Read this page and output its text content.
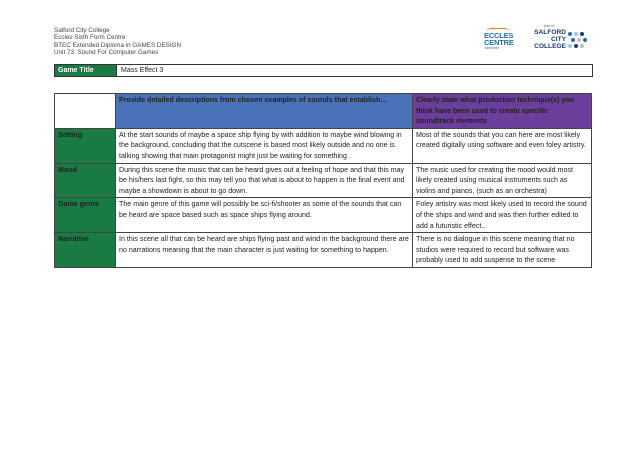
Salford City College
Eccles Sixth Form Centre
BTEC Extended Diploma in GAMES DESIGN
Unit 73: Sound For Computer Games
ECCLES
CENTRE
sixth form
part of
SALFORD
CITY
COLLEGE
Game Title	Mass Effect 3
	Provide detailed descriptions from chosen examples of sounds that establish…	Clearly state what production technique(s) you think have been used to create specific soundtrack elements
Setting	At the start sounds of maybe a space ship flying by with addition to maybe wind blowing in the background, concluding that the cutscene is based most likely outside and no one is talking showing that main protagonist might just be waiting for something .	Most of the sounds that you can here are most likely created digitally using software and even foley artistry.
Mood	During this scene the music that can be heard gives out a feeling of hope and that this may be his/hers last fight, so this may tell you that what is about to happen is the final event and maybe a showdown is about to go down.	The music used for creating the mood would most likely created using musical instruments such as violins and pianos, (such as an orchestra)
Game genre	The main genre of this game will possibly be sci-fi/shooter as some of the sounds that can be heard are space based such as space ships flying around.	Foley artistry was most likely used to record the sound of the ships and wind and was then further edited to add a futuristic effect..
Narrative	In this scene all that can be heard are ships flying past and wind in the background there are no narrations meaning that the main character is just waiting for something to happen.	There is no dialogue in this scene meaning that no studios were required to record but software was probably used to add suspense to the scene
